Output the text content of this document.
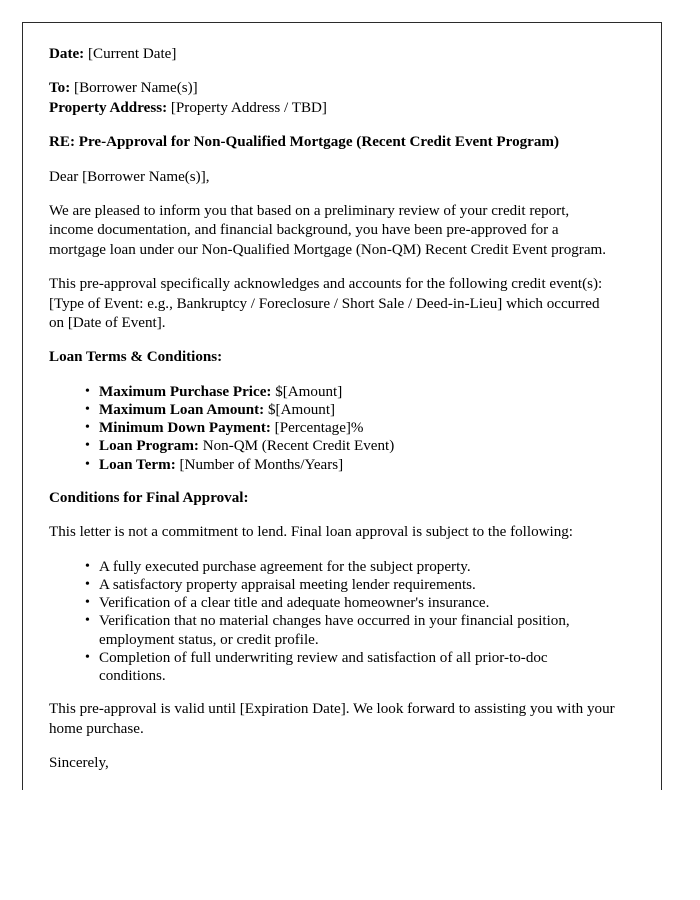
Date: [Current Date]
To: [Borrower Name(s)]
Property Address: [Property Address / TBD]
RE: Pre-Approval for Non-Qualified Mortgage (Recent Credit Event Program)
Dear [Borrower Name(s)],
We are pleased to inform you that based on a preliminary review of your credit report, income documentation, and financial background, you have been pre-approved for a mortgage loan under our Non-Qualified Mortgage (Non-QM) Recent Credit Event program.
This pre-approval specifically acknowledges and accounts for the following credit event(s): [Type of Event: e.g., Bankruptcy / Foreclosure / Short Sale / Deed-in-Lieu] which occurred on [Date of Event].
Loan Terms & Conditions:
• Maximum Purchase Price: $[Amount]
• Maximum Loan Amount: $[Amount]
• Minimum Down Payment: [Percentage]%
• Loan Program: Non-QM (Recent Credit Event)
• Loan Term: [Number of Months/Years]
Conditions for Final Approval:
This letter is not a commitment to lend. Final loan approval is subject to the following:
• A fully executed purchase agreement for the subject property.
• A satisfactory property appraisal meeting lender requirements.
• Verification of a clear title and adequate homeowner's insurance.
• Verification that no material changes have occurred in your financial position, employment status, or credit profile.
• Completion of full underwriting review and satisfaction of all prior-to-doc conditions.
This pre-approval is valid until [Expiration Date]. We look forward to assisting you with your home purchase.
Sincerely,
